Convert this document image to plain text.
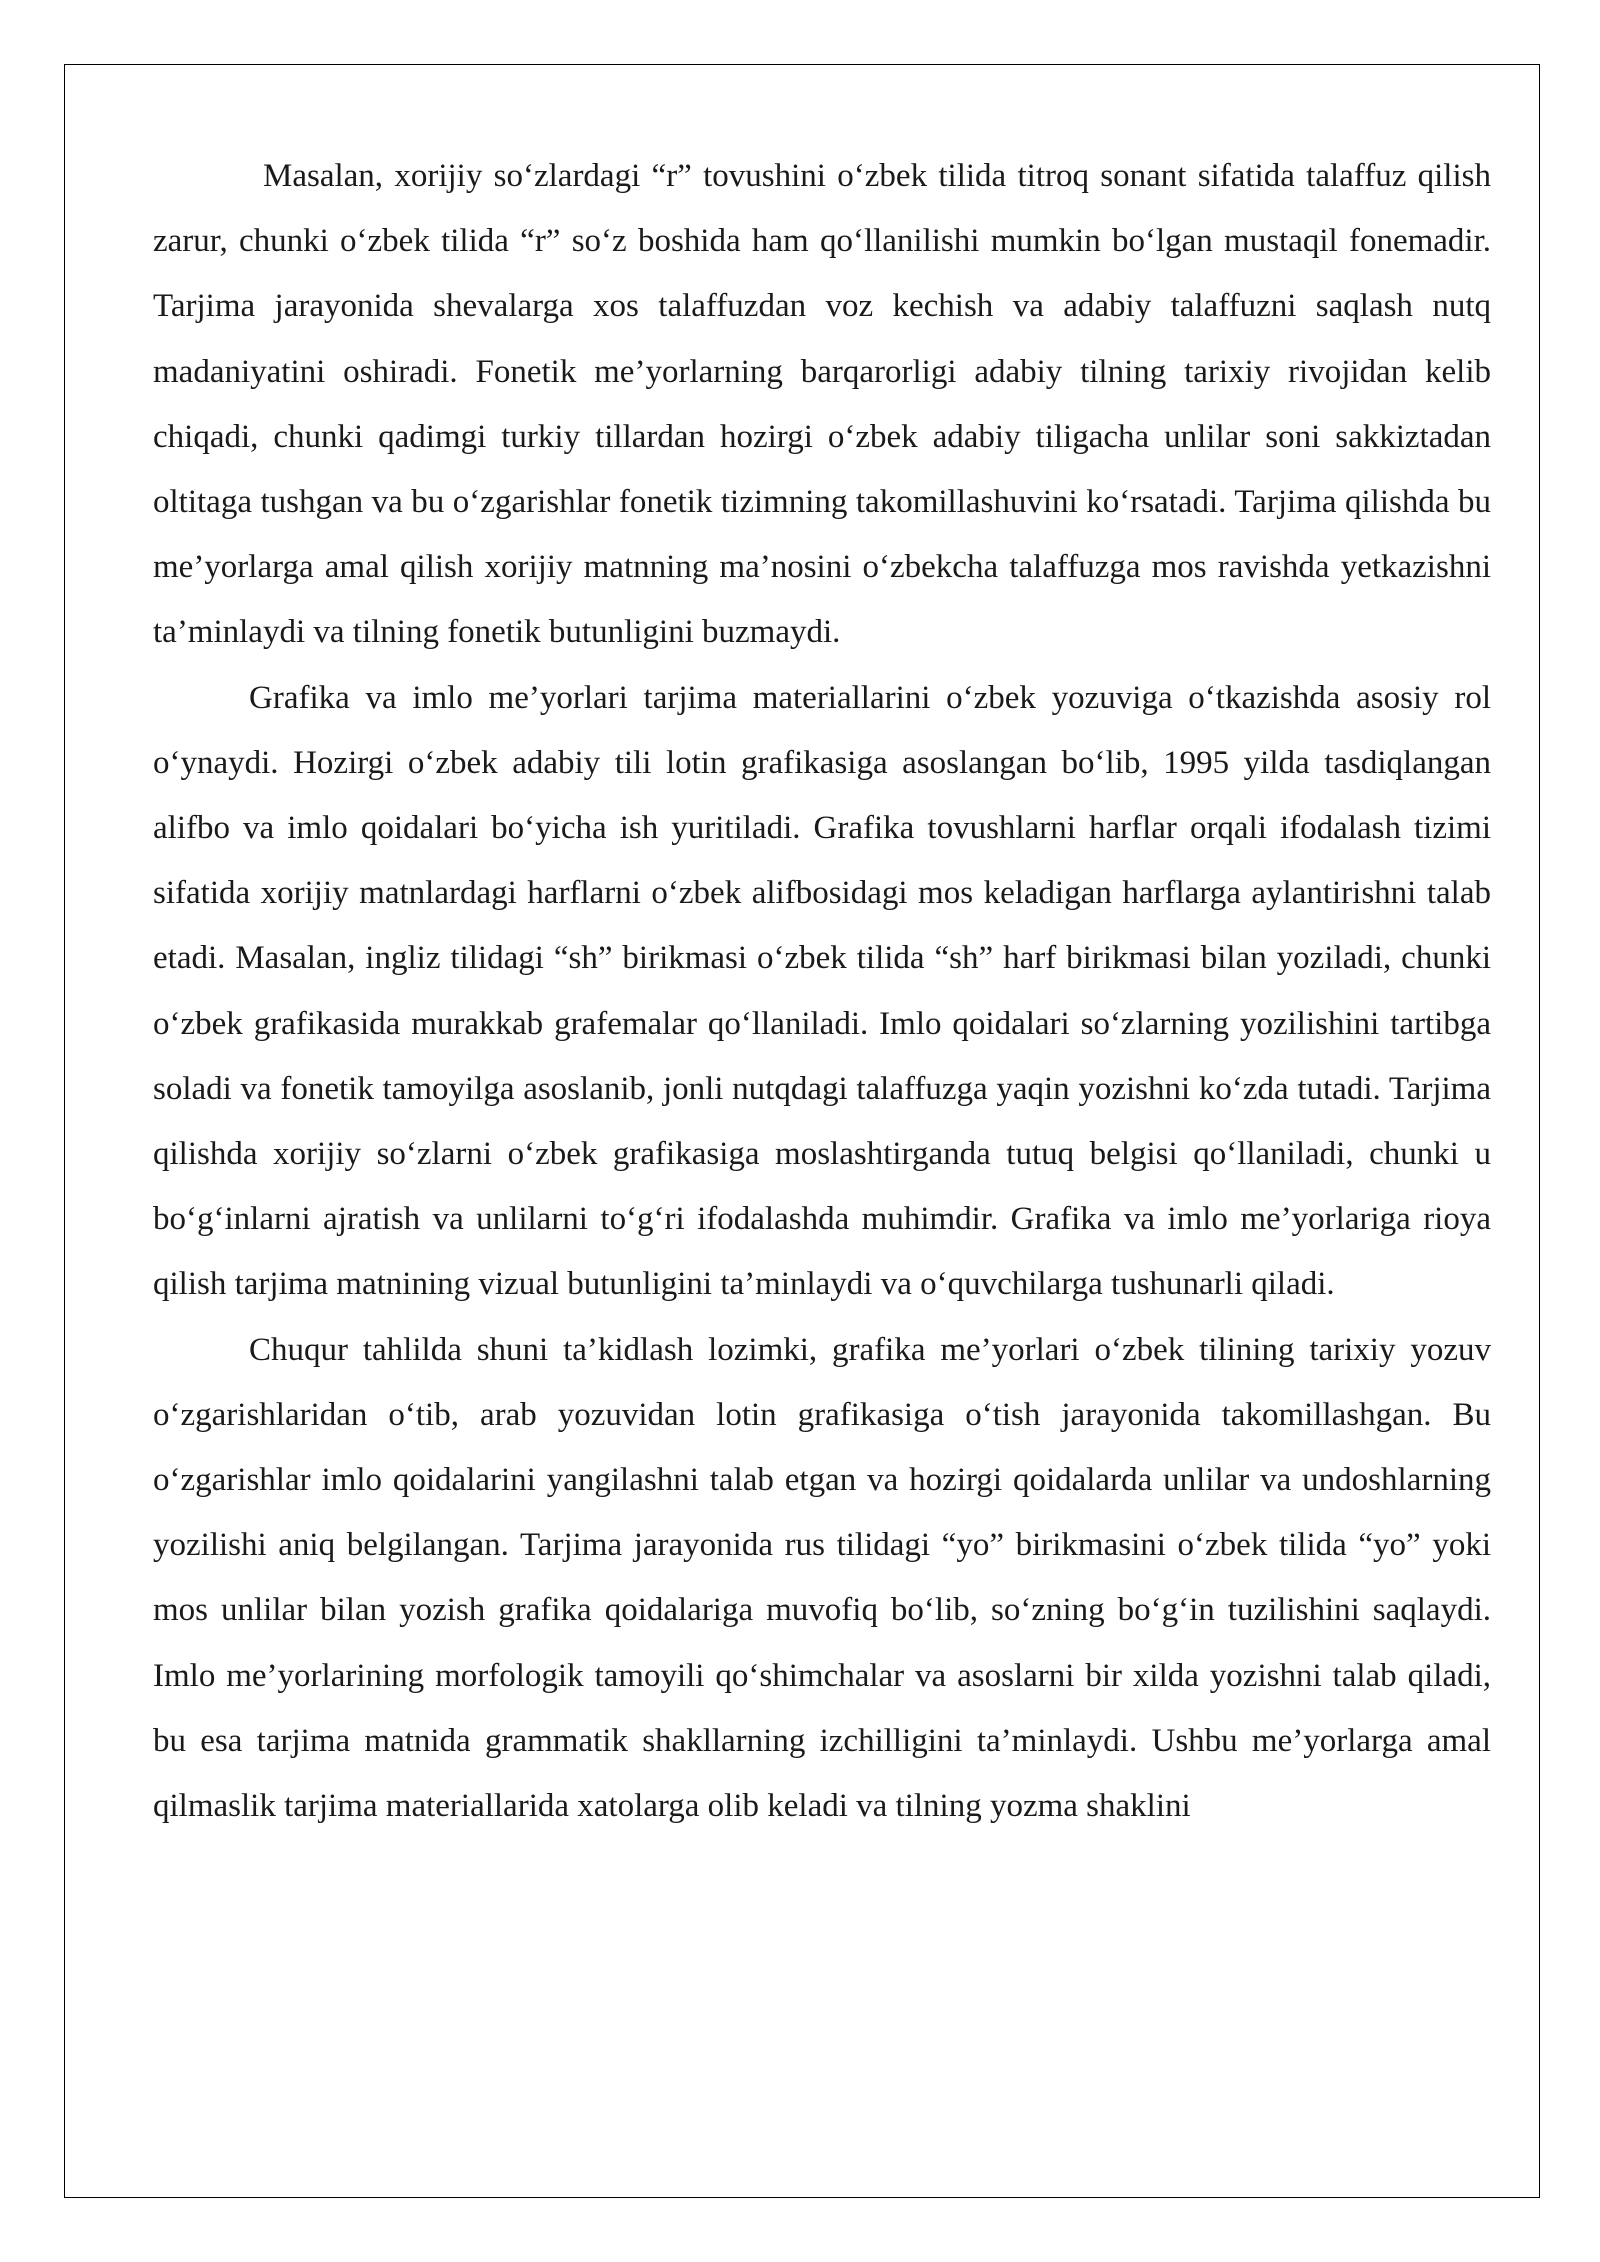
Masalan, xorijiy so‘zlardagi “r” tovushini o‘zbek tilida titroq sonant sifatida talaffuz qilish zarur, chunki o‘zbek tilida “r” so‘z boshida ham qo‘llanilishi mumkin bo‘lgan mustaqil fonemadir. Tarjima jarayonida shevalarga xos talaffuzdan voz kechish va adabiy talaffuzni saqlash nutq madaniyatini oshiradi. Fonetik me’yorlarning barqarorligi adabiy tilning tarixiy rivojidan kelib chiqadi, chunki qadimgi turkiy tillardan hozirgi o‘zbek adabiy tiligacha unlilar soni sakkiztadan oltitaga tushgan va bu o‘zgarishlar fonetik tizimning takomillashuvini ko‘rsatadi. Tarjima qilishda bu me’yorlarga amal qilish xorijiy matnning ma’nosini o‘zbekcha talaffuzga mos ravishda yetkazishni ta’minlaydi va tilning fonetik butunligini buzmaydi.

Grafika va imlo me’yorlari tarjima materiallarini o‘zbek yozuviga o‘tkazishda asosiy rol o‘ynaydi. Hozirgi o‘zbek adabiy tili lotin grafikasiga asoslangan bo‘lib, 1995 yilda tasdiqlangan alifbo va imlo qoidalari bo‘yicha ish yuritiladi. Grafika tovushlarni harflar orqali ifodalash tizimi sifatida xorijiy matnlardagi harflarni o‘zbek alifbosidagi mos keladigan harflarga aylantirishni talab etadi. Masalan, ingliz tilidagi “sh” birikmasi o‘zbek tilida “sh” harf birikmasi bilan yoziladi, chunki o‘zbek grafikasida murakkab grafemalar qo‘llaniladi. Imlo qoidalari so‘zlarning yozilishini tartibga soladi va fonetik tamoyilga asoslanib, jonli nutqdagi talaffuzga yaqin yozishni ko‘zda tutadi. Tarjima qilishda xorijiy so‘zlarni o‘zbek grafikasiga moslashtirganda tutuq belgisi qo‘llaniladi, chunki u bo‘g‘inlarni ajratish va unlilarni to‘g‘ri ifodalashda muhimdir. Grafika va imlo me’yorlariga rioya qilish tarjima matnining vizual butunligini ta’minlaydi va o‘quvchilarga tushunarli qiladi.

Chuqur tahlilda shuni ta’kidlash lozimki, grafika me’yorlari o‘zbek tilining tarixiy yozuv o‘zgarishlaridan o‘tib, arab yozuvidan lotin grafikasiga o‘tish jarayonida takomillashgan. Bu o‘zgarishlar imlo qoidalarini yangilashni talab etgan va hozirgi qoidalarda unlilar va undoshlarning yozilishi aniq belgilangan. Tarjima jarayonida rus tilidagi “yo” birikmasini o‘zbek tilida “yo” yoki mos unlilar bilan yozish grafika qoidalariga muvofiq bo‘lib, so‘zning bo‘g‘in tuzilishini saqlaydi. Imlo me’yorlarining morfologik tamoyili qo‘shimchalar va asoslarni bir xilda yozishni talab qiladi, bu esa tarjima matnida grammatik shakllarning izchilligini ta’minlaydi. Ushbu me’yorlarga amal qilmaslik tarjima materiallarida xatolarga olib keladi va tilning yozma shaklini
